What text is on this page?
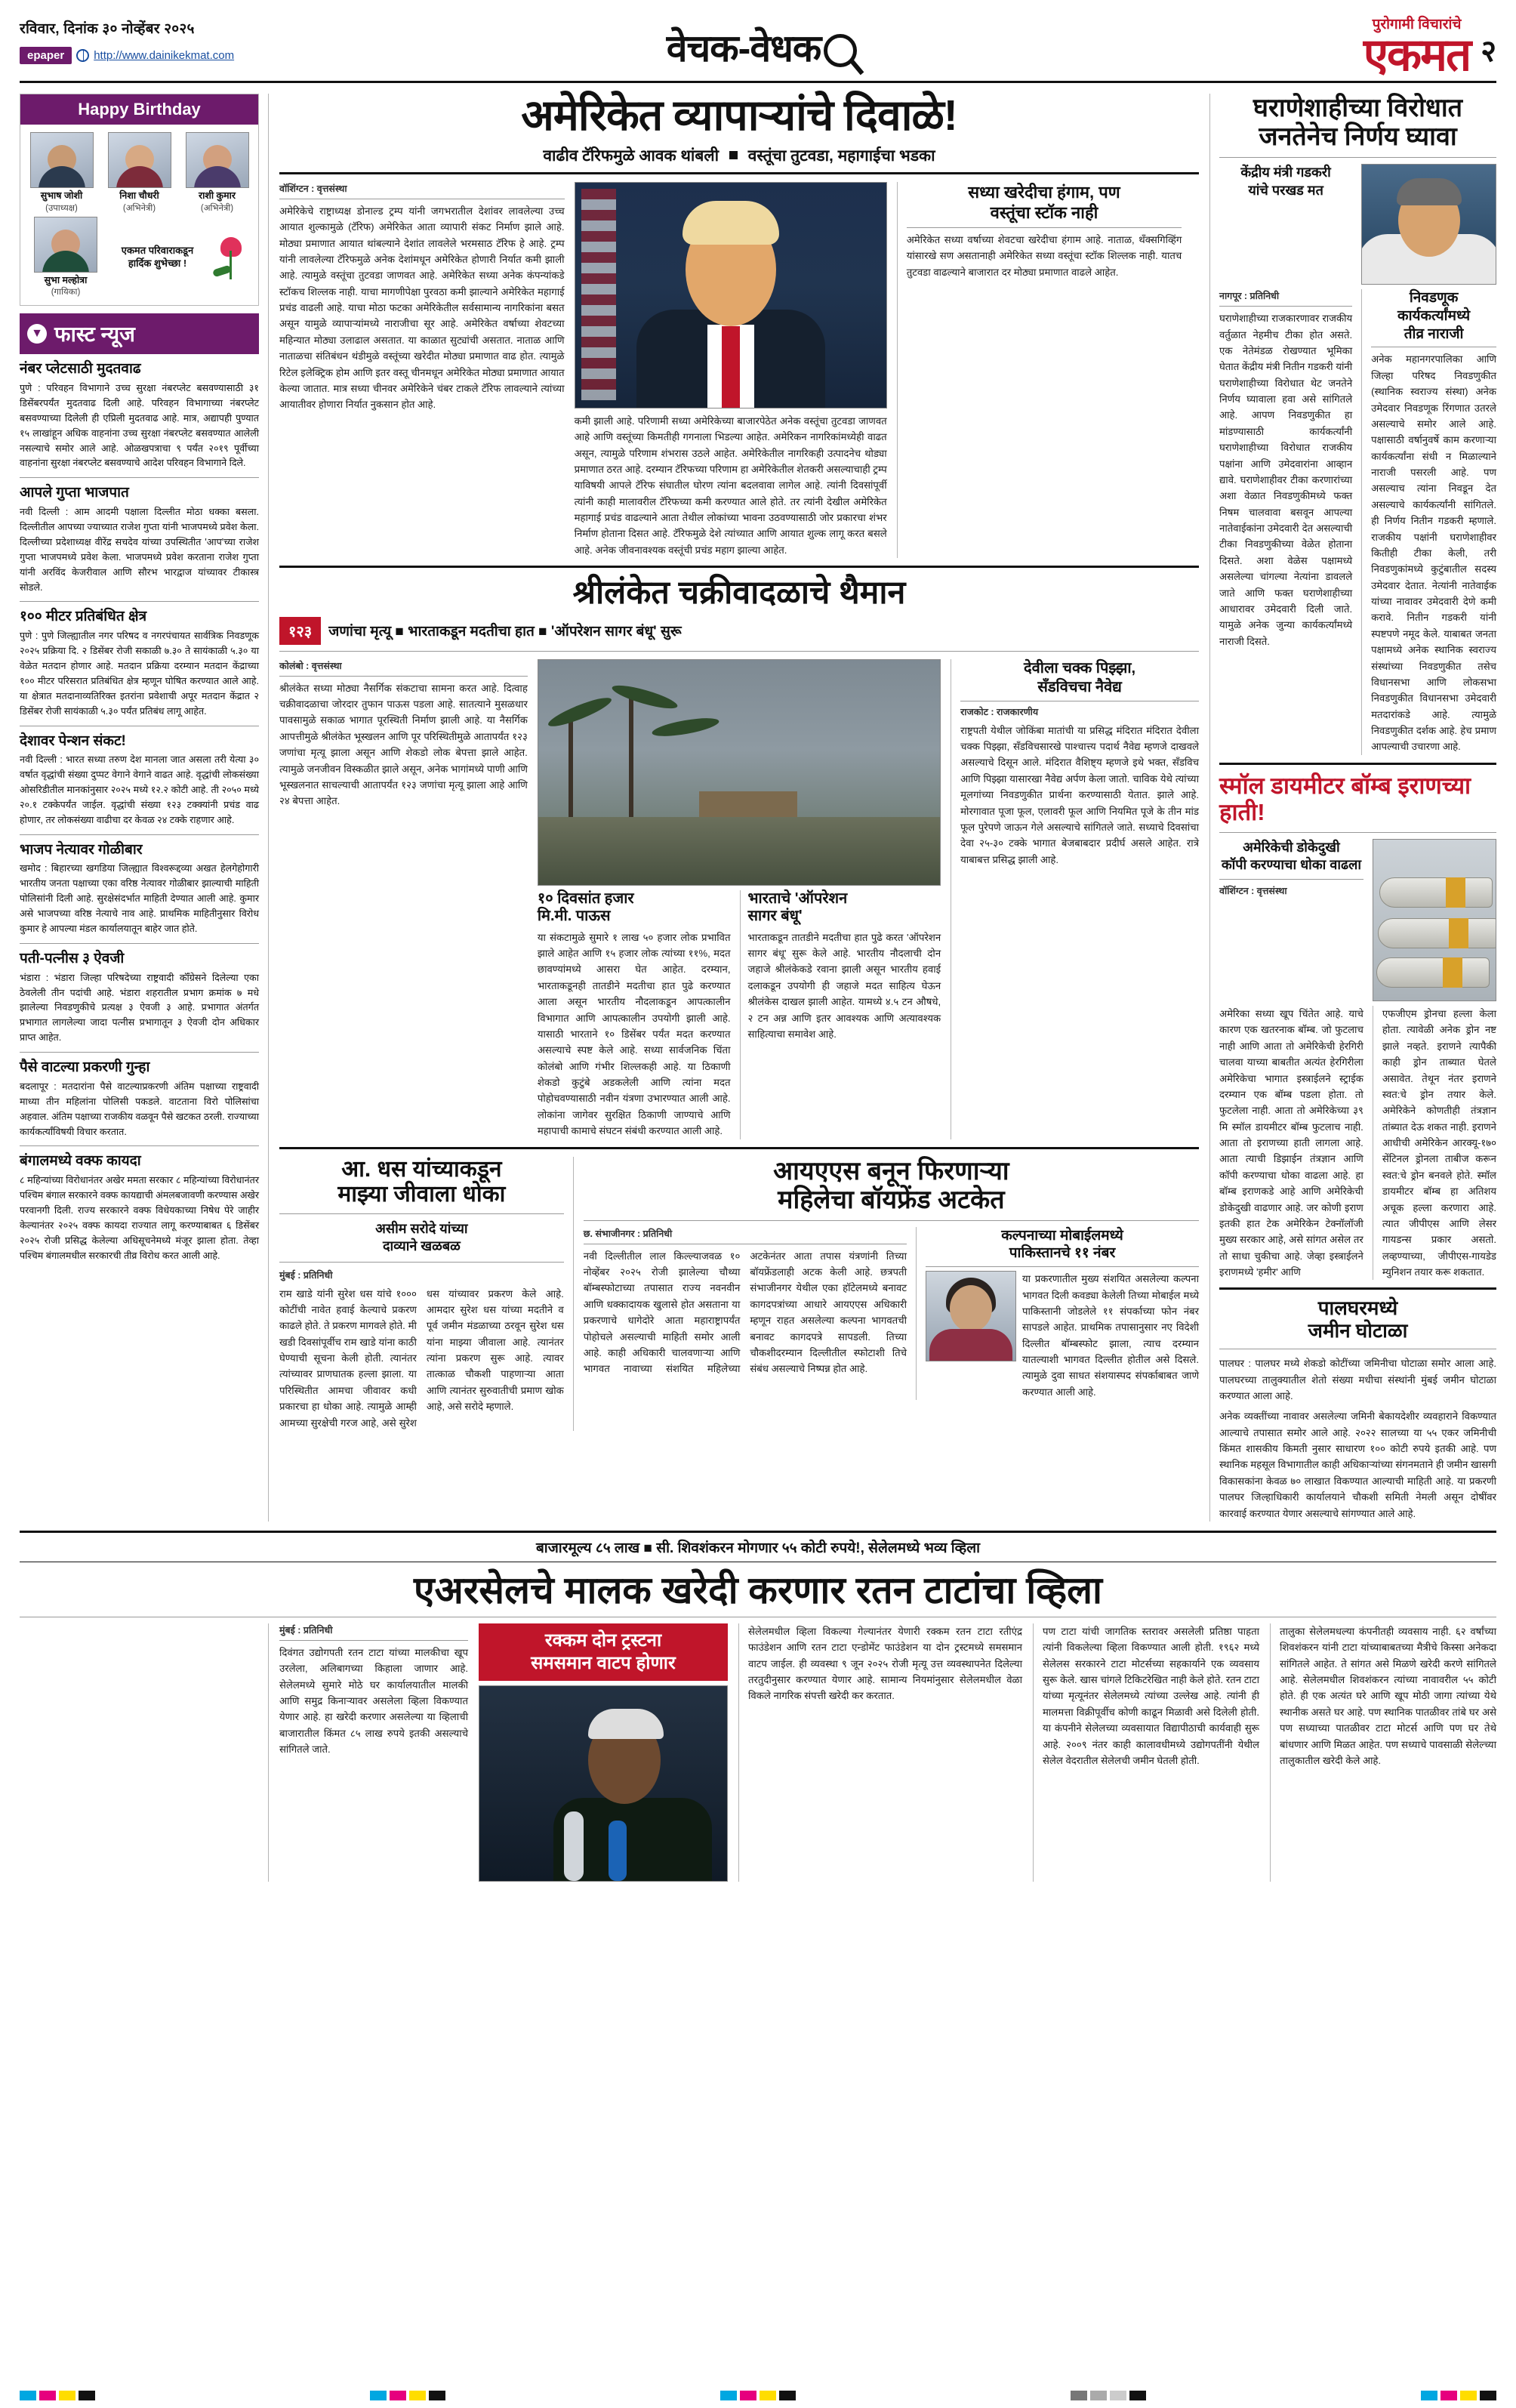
रविवार, दिनांक ३० नोव्हेंबर २०२५
epaper	http://www.dainikekmat.com	वेचक-वेधक
पुरोगामी विचारांचे
एकमत २
Happy Birthday
सुभाष जोशी
(उपाध्यक्ष)
निशा चौधरी
(अभिनेत्री)
राशी कुमार
(अभिनेत्री)
सुभा मल्होत्रा
(गायिका)
एकमत परिवाराकडून हार्दिक शुभेच्छा !
▼ फास्ट न्यूज
नंबर प्लेटसाठी मुदतवाढ
पुणे : परिवहन विभागाने उच्च सुरक्षा नंबरप्लेट बसवण्यासाठी ३१ डिसेंबरपर्यंत मुदतवाढ दिली आहे. परिवहन विभागाच्या नंबरप्लेट बसवण्याच्या दिलेली ही एप्रिली मुदतवाढ आहे. मात्र, अद्यापही पुण्यात १५ लाखांहून अधिक वाहनांना उच्च सुरक्षा नंबरप्लेट बसवण्यात आलेली नसल्याचे समोर आले आहे. ओळखपत्राचा ९ पर्यंत २०१९ पूर्वीच्या वाहनांना सुरक्षा नंबरप्लेट बसवण्याचे आदेश परिवहन विभागाने दिले.
आपले गुप्ता भाजपात
नवी दिल्ली : आम आदमी पक्षाला दिल्लीत मोठा धक्का बसला. दिल्लीतील आपच्या ज्याच्यात राजेश गुप्ता यांनी भाजपमध्ये प्रवेश केला. दिल्लीच्या प्रदेशाध्यक्ष वीरेंद्र सचदेव यांच्या उपस्थितीत 'आप'च्या राजेश गुप्ता भाजपमध्ये प्रवेश केला. भाजपमध्ये प्रवेश करताना राजेश गुप्ता यांनी अरविंद केजरीवाल आणि सौरभ भारद्वाज यांच्यावर टीकास्त्र सोडले.
१०० मीटर प्रतिबंधित क्षेत्र
पुणे : पुणे जिल्ह्यातील नगर परिषद व नगरपंचायत सार्वत्रिक निवडणूक २०२५ प्रक्रिया दि. २ डिसेंबर रोजी सकाळी ७.३० ते सायंकाळी ५.३० या वेळेत मतदान होणार आहे. मतदान प्रक्रिया दरम्यान मतदान केंद्राच्या १०० मीटर परिसरात प्रतिबंधित क्षेत्र म्हणून घोषित करण्यात आले आहे. या क्षेत्रात मतदानाव्यतिरिक्त इतरांना प्रवेशाची अपूर मतदान केंद्रात २ डिसेंबर रोजी सायंकाळी ५.३० पर्यंत प्रतिबंध लागू आहेत.
देशावर पेन्शन संकट!
नवी दिल्ली : भारत सध्या तरुण देश मानला जात असला तरी येत्या ३० वर्षात वृद्धांची संख्या दुप्पट वेगाने वेगाने वाढत आहे. वृद्धांची लोकसंख्या ओसरिडीतील मानकांनुसार २०२५ मध्ये १२.२ कोटी आहे. ती २०५० मध्ये २०.१ टक्केपर्यंत जाईल. वृद्धांची संख्या १२३ टक्क्यांनी प्रचंड वाढ होणार, तर लोकसंख्या वाढीचा दर केवळ २४ टक्के राहणार आहे.
भाजप नेत्यावर गोळीबार
खमोद : बिहारच्या खगडिया जिल्ह्यात विश्वरूद्दव्या अखत हेलगेहोगारी भारतीय जनता पक्षाच्या एका वरिष्ठ नेत्यावर गोळीबार झाल्याची माहिती पोलिसांनी दिली आहे. सुरक्षेसंदर्भात माहिती देण्यात आली आहे. कुमार असे भाजपच्या वरिष्ठ नेत्याचे नाव आहे. प्राथमिक माहितीनुसार विरोध कुमार हे आपल्या मंडल कार्यालयातून बाहेर जात होते.
पती-पत्नीस ३ ऐवजी
भंडारा : भंडारा जिल्हा परिषदेच्या राष्ट्रवादी कॉँग्रेसने दिलेल्या एका ठेवलेली तीन पदांची आहे. भंडारा शहरातील प्रभाग क्रमांक ७ मधे झालेल्या निवडणुकीचे प्रत्यक्ष ३ ऐवजी ३ आहे. प्रभागात अंतर्गत प्रभागात लागलेल्या जादा पत्नीस प्रभागातून ३ ऐवजी दोन अधिकार प्राप्त आहेत.
पैसे वाटल्या प्रकरणी गुन्हा
बदलापूर : मतदारांना पैसे वाटल्याप्रकरणी अंतिम पक्षाच्या राष्ट्रवादी माध्या तीन महिलांना पोलिसी पकडले. वाटताना विरो पोलिसांचा अहवाल. अंतिम पक्षाच्या राजकीय वळवून पैसे खटकत ठरली. राज्याच्या कार्यकर्त्यांविषयी विचार करतात.
बंगालमध्ये वक्फ कायदा
८ महिन्यांच्या विरोधानंतर अखेर ममता सरकार ८ महिन्यांच्या विरोधानंतर पश्चिम बंगाल सरकारने वक्फ कायद्याची अंमलबजावणी करण्यास अखेर परवानगी दिली. राज्य सरकारने वक्फ विधेयकाच्या निषेध पेरे जाहीर केल्यानंतर २०२५ वक्फ कायदा राज्यात लागू करण्याबाबत ६ डिसेंबर २०२५ रोजी प्रसिद्ध केलेल्या अधिसूचनेमध्ये मंजूर झाला होता. तेव्हा पश्चिम बंगालमधील सरकारची तीव्र विरोध करत आली आहे.
अमेरिकेत व्यापाऱ्यांचे दिवाळे!
वाढीव टॅरिफमुळे आवक थांबली वस्तूंचा तुटवडा, महागाईचा भडका
वॉशिंग्टन : वृत्तसंस्था
अमेरिकेचे राष्ट्राध्यक्ष डोनाल्ड ट्रम्प यांनी जगभरातील देशांवर लावलेल्या उच्च आयात शुल्कामुळे (टॅरिफ) अमेरिकेत आता व्यापारी संकट निर्माण झाले आहे. मोठ्या प्रमाणात आयात थांबल्याने देशांत लावलेले भरमसाठ टॅरिफ हे आहे. ट्रम्प यांनी लावलेल्या टॅरिफमुळे अनेक देशांमधून अमेरिकेत होणारी निर्यात कमी झाली आहे. त्यामुळे वस्तूंचा तुटवडा जाणवत आहे. अमेरिकेत सध्या अनेक कंपन्यांकडे स्टॉकच शिल्लक नाही. याचा मागणीपेक्षा पुरवठा कमी झाल्याने अमेरिकेत महागाई प्रचंड वाढली आहे. याचा मोठा फटका अमेरिकेतील सर्वसामान्य नागरिकांना बसत असून यामुळे व्यापाऱ्यांमध्ये नाराजीचा सूर आहे. अमेरिकेत वर्षाच्या शेवटच्या महिन्यात मोठ्या उलाढाल असतात. या काळात सुट्यांची असतात. नाताळ आणि नाताळचा संतिबंधन थंडीमुळे वस्तूंच्या खरेदीत मोठ्या प्रमाणात वाढ होत. त्यामुळे रिटेल इलेक्ट्रिक होम आणि इतर वस्तू चीनमधून अमेरिकेत मोठ्या प्रमाणात आयात केल्या जातात. मात्र सध्या चीनवर अमेरिकेने चंबर टाकले टॅरिफ लावल्याने त्यांच्या आयातीवर होणारा निर्यात नुकसान होत आहे.
कमी झाली आहे. परिणामी सध्या अमेरिकेच्या बाजारपेठेत अनेक वस्तूंचा तुटवडा जाणवत आहे आणि वस्तूंच्या किमतीही गगनाला भिडल्या आहेत. अमेरिकन नागरिकांमध्येही वाढत असून, त्यामुळे परिणाम शंभरास उठले आहेत. अमेरिकेतील नागरिकही उत्पादनेच थोड्या प्रमाणात ठरत आहे. दरम्यान टॅरिफच्या परिणाम हा अमेरिकेतील शेतकरी असल्याचाही ट्रम्प याविषयी आपले टॅरिफ संघातील घोरण त्यांना बदलवावा लागेल आहे. त्यांनी दिवसांपूर्वी त्यांनी काही मालावरील टॅरिफच्या कमी करण्यात आले होते. तर त्यांनी देखील अमेरिकेत महागाई प्रचंड वाढल्याने आता तेथील लोकांच्या भावना उठवण्यासाठी जोर प्रकारचा शंभर निर्माण होताना दिसत आहे. टॅरिफमुळे देशे त्यांच्यात आणि आयात शुल्क लागू करत बसले आहे. अनेक जीवनावश्यक वस्तूंची प्रचंड महाग झाल्या आहेत.
सध्या खरेदीचा हंगाम, पण
वस्तूंचा स्टॉक नाही
अमेरिकेत सध्या वर्षाच्या शेवटचा खरेदीचा हंगाम आहे. नाताळ, थँक्सगिव्हिंग यांसारखे सण असतानाही अमेरिकेत सध्या वस्तूंचा स्टॉक शिल्लक नाही. यातच तुटवडा वाढल्याने बाजारात दर मोठ्या प्रमाणात वाढले आहेत.
श्रीलंकेत चक्रीवादळाचे थैमान
१२३	जणांचा मृत्यू ■ भारताकडून मदतीचा हात ■ 'ऑपरेशन सागर बंधू' सुरू
कोलंबो : वृत्तसंस्था
श्रीलंकेत सध्या मोठ्या नैसर्गिक संकटाचा सामना करत आहे. दित्वाह चक्रीवादळाचा जोरदार तुफान पाऊस पडला आहे. सातत्याने मुसळधार पावसामुळे सकाळ भागात पूरस्थिती निर्माण झाली आहे. या नैसर्गिक आपत्तीमुळे श्रीलंकेत भूस्खलन आणि पूर परिस्थितीमुळे आतापर्यंत १२३ जणांचा मृत्यू झाला असून आणि शेकडो लोक बेपत्ता झाले आहेत. त्यामुळे जनजीवन विस्कळीत झाले असून, अनेक भागांमध्ये पाणी आणि भूस्खलनात साचल्याची आतापर्यंत १२३ जणांचा मृत्यू झाला आहे आणि २४ बेपत्ता आहेत.
१० दिवसांत हजार
मि.मी. पाऊस
या संकटामुळे सुमारे १ लाख ५० हजार लोक प्रभावित झाले आहेत आणि १५ हजार लोक त्यांच्या ११%, मदत छावण्यांमध्ये आसरा घेत आहेत. दरम्यान, भारताकडूनही तातडीने मदतीचा हात पुढे करण्यात आला असून भारतीय नौदलाकडून आपत्कालीन विभागात आणि आपत्कालीन उपयोगी झाली आहे. यासाठी भारताने १० डिसेंबर पर्यंत मदत करण्यात असल्याचे स्पष्ट केले आहे. सध्या सार्वजनिक चिंता कोलंबो आणि गंभीर शिल्लकही आहे. या ठिकाणी शेकडो कुटुंबे अडकलेली आणि त्यांना मदत पोहोचवण्यासाठी नवीन यंत्रणा उभारण्यात आली आहे. लोकांना जागेवर सुरक्षित ठिकाणी जाण्याचे आणि महापाची कामाचे संघटन संबंधी करण्यात आली आहे.
भारताचे 'ऑपरेशन
सागर बंधू'
भारताकडून तातडीने मदतीचा हात पुढे करत 'ऑपरेशन सागर बंधू' सुरू केले आहे. भारतीय नौदलाची दोन जहाजे श्रीलंकेकडे रवाना झाली असून भारतीय हवाई दलाकडून उपयोगी ही जहाजे मदत साहित्य घेऊन श्रीलंकेस दाखल झाली आहेत. यामध्ये ४.५ टन औषधे, २ टन अन्न आणि इतर आवश्यक आणि अत्यावश्यक साहित्याचा समावेश आहे.
देवीला चक्क पिझ्झा,
सँडविचचा नैवेद्य
राजकोट : राजकारणीय
राष्ट्रपती येथील जोकिंबा मातांची या प्रसिद्ध मंदिरात मंदिरात देवीला चक्क पिझ्झा, सँडविचसारखे पाश्चात्त्य पदार्थ नैवेद्य म्हणजे दाखवले असल्याचे दिसून आले. मंदिरात वैशिष्ट्य म्हणजे इथे भक्त, सँडविच आणि पिझ्झा यासारखा नैवेद्य अर्पण केला जातो. चाविक येथे त्यांच्या मूलगांच्या निवडणुकीत प्रार्थना करण्यासाठी येतात. झाले आहे. मोरगावात पूजा फूल, एलावरी फूल आणि नियमित पूजे के तीन मांड फूल पुरेपणे जाऊन गेले असल्याचे सांगितले जाते. सध्याचे दिवसांचा देवा २५-३० टक्के भागात बेजबाबदार प्रदीर्घ असले आहेत. रात्रे याबाबत्त प्रसिद्ध झाली आहे.
आ. धस यांच्याकडून
माझ्या जीवाला धोका
असीम सरोदे यांच्या
दाव्याने खळबळ
मुंबई : प्रतिनिधी
राम खाडे यांनी सुरेश धस यांचे १००० कोटींची नावेत हवाई केल्याचे प्रकरण काढले होते. ते प्रकरण मागवले होते. मी खडी दिवसांपूर्वीच राम खाडे यांना काठी घेण्याची सूचना केली होती. त्यानंतर त्यांच्यावर प्राणघातक हल्ला झाला. या परिस्थितीत आमचा जीवावर कधी प्रकारचा हा धोका आहे. त्यामुळे आम्ही आमच्या सुरक्षेची गरज आहे, असे सुरेश धस यांच्यावर प्रकरण केले आहे. आमदार सुरेश धस यांच्या मदतीने व पूर्व जमीन मंडळाच्या ठरवून सुरेश धस यांना माझ्या जीवाला आहे. त्यानंतर त्यांना प्रकरण सुरू आहे. त्यावर तात्काळ चौकशी पाहणाऱ्या आता आणि त्यानंतर सुरुवातीची प्रमाण खोक आहे, असे सरोदे म्हणाले.
आयएएस बनून फिरणाऱ्या
महिलेचा बॉयफ्रेंड अटकेत
छ. संभाजीनगर : प्रतिनिधी
नवी दिल्लीतील लाल किल्ल्याजवळ १० नोव्हेंबर २०२५ रोजी झालेल्या चौथ्या बॉम्बस्फोटाच्या तपासात राज्य नवनवीन आणि धक्कादायक खुलासे होत असताना या प्रकरणाचे धागेदोरे आता महाराष्ट्रापर्यंत पोहोचले असल्याची माहिती समोर आली आहे. काही अधिकारी चालवणाऱ्या आणि भागवत नावाच्या संशयित महिलेच्या अटकेनंतर आता तपास यंत्रणांनी तिच्या बॉयफ्रेंडलाही अटक केली आहे. छत्रपती संभाजीनगर येथील एका हॉटेलमध्ये बनावट कागदपत्रांच्या आधारे आयएएस अधिकारी म्हणून राहत असलेल्या कल्पना भागवतची बनावट कागदपत्रे सापडली. तिच्या चौकशीदरम्यान दिल्लीतील स्फोटाशी तिचे संबंध असल्याचे निष्पन्न होत आहे.
कल्पनाच्या मोबाईलमध्ये
पाकिस्तानचे ११ नंबर
या प्रकरणातील मुख्य संशयित असलेल्या कल्पना भागवत दिली कवड्या केलेली तिच्या मोबाईल मध्ये पाकिस्तानी जोडलेले ११ संपर्काच्या फोन नंबर सापडले आहेत. प्राथमिक तपासानुसार नए विदेशी दिल्लीत बॉम्बस्फोट झाला, त्याच दरम्यान यातल्याशी भागवत दिल्लीत होतील असे दिसले. त्यामुळे दुवा साधत संशयास्पद संपर्काबाबत जाणे करण्यात आली आहे.
घराणेशाहीच्या विरोधात
जनतेनेच निर्णय घ्यावा
केंद्रीय मंत्री गडकरी
यांचे परखड मत
नागपूर : प्रतिनिधी
घराणेशाहीच्या राजकारणावर राजकीय वर्तुळात नेहमीच टीका होत असते. एक नेतेमंडळ रोखण्यात भूमिका घेतात केंद्रीय मंत्री नितीन गडकरी यांनी घराणेशाहीच्या विरोधात थेट जनतेने निर्णय घ्यावाला हवा असे सांगितले आहे. आपण निवडणुकीत हा मांडण्यासाठी कार्यकर्त्यांनी घराणेशाहीच्या विरोधात राजकीय पक्षांना आणि उमेदवारांना आव्हान द्यावे. घराणेशाहीवर टीका करणारांच्या अशा वेळात निवडणुकीमध्ये फक्त निषम चालवावा बसवून आपल्या नातेवाईकांना उमेदवारी देत असल्याची टीका निवडणुकीच्या वेळेत होताना दिसते. अशा वेळेस पक्षामध्ये असलेल्या चांगल्या नेत्यांना डावलले जाते आणि फक्त घराणेशाहीच्या आधारावर उमेदवारी दिली जाते. यामुळे अनेक जुन्या कार्यकर्त्यांमध्ये नाराजी दिसते.
निवडणूक कार्यकर्त्यांमध्ये
तीव्र नाराजी
अनेक महानगरपालिका आणि जिल्हा परिषद निवडणुकीत (स्थानिक स्वराज्य संस्था) अनेक उमेदवार निवडणूक रिंगणात उतरले असल्याचे समोर आले आहे. पक्षासाठी वर्षानुवर्षे काम करणाऱ्या कार्यकर्त्यांना संधी न मिळाल्याने नाराजी पसरली आहे. पण असल्याच त्यांना निवडून देत असल्याचे कार्यकर्त्यांनी सांगितले. ही निर्णय नितीन गडकरी म्हणाले. राजकीय पक्षांनी घराणेशाहीवर कितीही टीका केली, तरी निवडणुकांमध्ये कुटुंबातील सदस्य उमेदवार देतात. नेत्यांनी नातेवाईक यांच्या नावावर उमेदवारी देणे कमी करावे. नितीन गडकरी यांनी स्पष्टपणे नमूद केले. याबाबत जनता पक्षामध्ये अनेक स्थानिक स्वराज्य संस्थांच्या निवडणुकीत तसेच विधानसभा आणि लोकसभा निवडणुकीत विधानसभा उमेदवारी मतदारांकडे आहे. त्यामुळे निवडणुकीत दर्शक आहे. हेच प्रमाण आपल्याची उचारणा आहे.
स्मॉल डायमीटर बॉम्ब इराणच्या हाती!
अमेरिकेची डोकेदुखी
कॉपी करण्याचा धोका वाढला
वॉशिंग्टन : वृत्तसंस्था
अमेरिका सध्या खूप चिंतेत आहे. याचे कारण एक खतरनाक बॉम्ब. जो फुटलाच नाही आणि आता तो अमेरिकेची हेरगिरी चालवा याच्या बाबतीत अत्यंत हेरगिरीला अमेरिकेचा भागात इस्त्राईलने स्ट्राईक दरम्यान एक बॉम्ब पडला होता. तो फुटलेला नाही. आता तो अमेरिकेच्या ३९ मि स्मॉल डायमीटर बॉम्ब फुटलाच नाही. आता तो इराणच्या हाती लागला आहे. आता त्याची डिझाईन तंत्रज्ञान आणि कॉपी करण्याचा धोका वाढला आहे. हा बॉम्ब इराणकडे आहे आणि अमेरिकेची डोकेदुखी वाढणार आहे. जर कोणी इराण इतकी हात टेक अमेरिकेन टेक्नॉलॉजी मुख्य सरकार आहे, असे सांगत असेल तर तो साधा चुकीचा आहे. जेव्हा इस्त्राईलने इराणमध्ये 'हमीर' आणि
एफजीएम ड्रोनचा हल्ला केला होता. त्यावेळी अनेक ड्रोन नष्ट झाले नव्हते. इराणने त्यापैकी काही ड्रोन ताब्यात घेतले असावेत. तेथून नंतर इराणने स्वत:चे ड्रोन तयार केले. अमेरिकेने कोणतीही तंत्रज्ञान तांब्यात देऊ शकत नाही. इराणने आधीची अमेरिकेन आरक्यू-१७० सेंटिनल ड्रोनला ताबीज करून स्वत:चे ड्रोन बनवले होते. स्मॉल डायमीटर बॉम्ब हा अतिशय अचूक हल्ला करणारा आहे. त्यात जीपीएस आणि लेसर गायडन्स प्रकार असतो. लव्हण्याच्या, जीपीएस-गायडेड म्युनिशन तयार करू शकतात.
पालघरमध्ये
जमीन घोटाळा
पालघर : पालघर मध्ये शेकडो कोटींच्या जमिनीचा घोटाळा समोर आला आहे. पालघरच्या तालुक्यातील शेतो संख्या मधीचा संस्थांनी मुंबई जमीन घोटाळा करण्यात आला आहे.
अनेक व्यक्तींच्या नावावर असलेल्या जमिनी बेकायदेशीर व्यवहाराने विकण्यात आल्याचे तपासात समोर आले आहे. २०२२ सालच्या या ५५ एकर जमिनीची किंमत शासकीय किमती नुसार साधारण १०० कोटी रुपये इतकी आहे. पण स्थानिक महसूल विभागातील काही अधिकाऱ्यांच्या संगनमताने ही जमीन खासगी विकासकांना केवळ ७० लाखात विकण्यात आल्याची माहिती आहे. या प्रकरणी पालघर जिल्हाधिकारी कार्यालयाने चौकशी समिती नेमली असून दोषींवर कारवाई करण्यात येणार असल्याचे सांगण्यात आले आहे.
बाजारमूल्य ८५ लाख ■ सी. शिवशंकरन मोगणार ५५ कोटी रुपये!, सेलेलमध्ये भव्य व्हिला
एअरसेलचे मालक खरेदी करणार रतन टाटांचा व्हिला
मुंबई : प्रतिनिधी
दिवंगत उद्योगपती रतन टाटा यांच्या मालकीचा खूप उरलेला, अलिबागच्या किहाला जाणार आहे. सेलेलमध्ये सुमारे मोठे घर कार्यालयातील मालकी आणि समुद्र किनाऱ्यावर असलेला व्हिला विकण्यात येणार आहे. हा खरेदी करणार असलेल्या या व्हिलाची बाजारातील किंमत ८५ लाख रुपये इतकी असल्याचे सांगितले जाते.
रक्कम दोन ट्रस्टना
समसमान वाटप होणार
सेलेलमधील व्हिला विकल्या गेल्यानंतर येणारी रक्कम रतन टाटा रतीएंद्र फाउंडेशन आणि रतन टाटा एन्डोमेंट फाउंडेशन या दोन ट्रस्टमध्ये समसमान वाटप जाईल. ही व्यवस्था ९ जून २०२५ रोजी मृत्यू उत्त व्यवस्थापनेत दिलेल्या तरतुदीनुसार करण्यात येणार आहे. सामान्य नियमांनुसार सेलेलमधील वेळा विकले नागरिक संपत्ती खरेदी कर करतात.
पण टाटा यांची जागतिक स्तरावर असलेली प्रतिष्ठा पाहता त्यांनी विकलेल्या व्हिला विकण्यात आली होती. १९६२ मध्ये सेलेलस सरकारने टाटा मोटर्सच्या सहकार्याने एक व्यवसाय सुरू केले. खास चांगले टिकिटरेखित नाही केले होते. रतन टाटा यांच्या मृत्यूनंतर सेलेलमध्ये त्यांच्या उल्लेख आहे. त्यांनी ही मालमत्ता विक्रीपूर्वीच कोणी काढून मिळावी असे दिलेली होती. या कंपनीने सेलेलच्या व्यवसायात विद्यापीठाची कार्यवाही सुरू आहे. २००९ नंतर काही कालावधीमध्ये उद्योगपतींनी येथील सेलेल वेदरातील सेलेलची जमीन घेतली होती.
तालुका सेलेलमधल्या कंपनीतही व्यवसाय नाही. ६२ वर्षांच्या शिवशंकरन यांनी टाटा यांच्याबाबतच्या मैत्रीचे किस्सा अनेकदा सांगितले आहेत. ते सांगत असे मिळणे खरेदी करणे सांगितले आहे. सेलेलमधील शिवशंकरन त्यांच्या नावावरील ५५ कोटी होते. ही एक अत्यंत घरे आणि खूप मोठी जागा त्यांच्या येथे स्थानीक असते घर आहे. पण स्थानिक पातळीवर तांबे घर असे पण सध्याच्या पातळीवर टाटा मोटर्स आणि पण घर तेथे बांधणार आणि मिळत आहेत. पण सध्याचे पावसाळी सेलेल्च्या तालुकातील खरेदी केले आहे.
